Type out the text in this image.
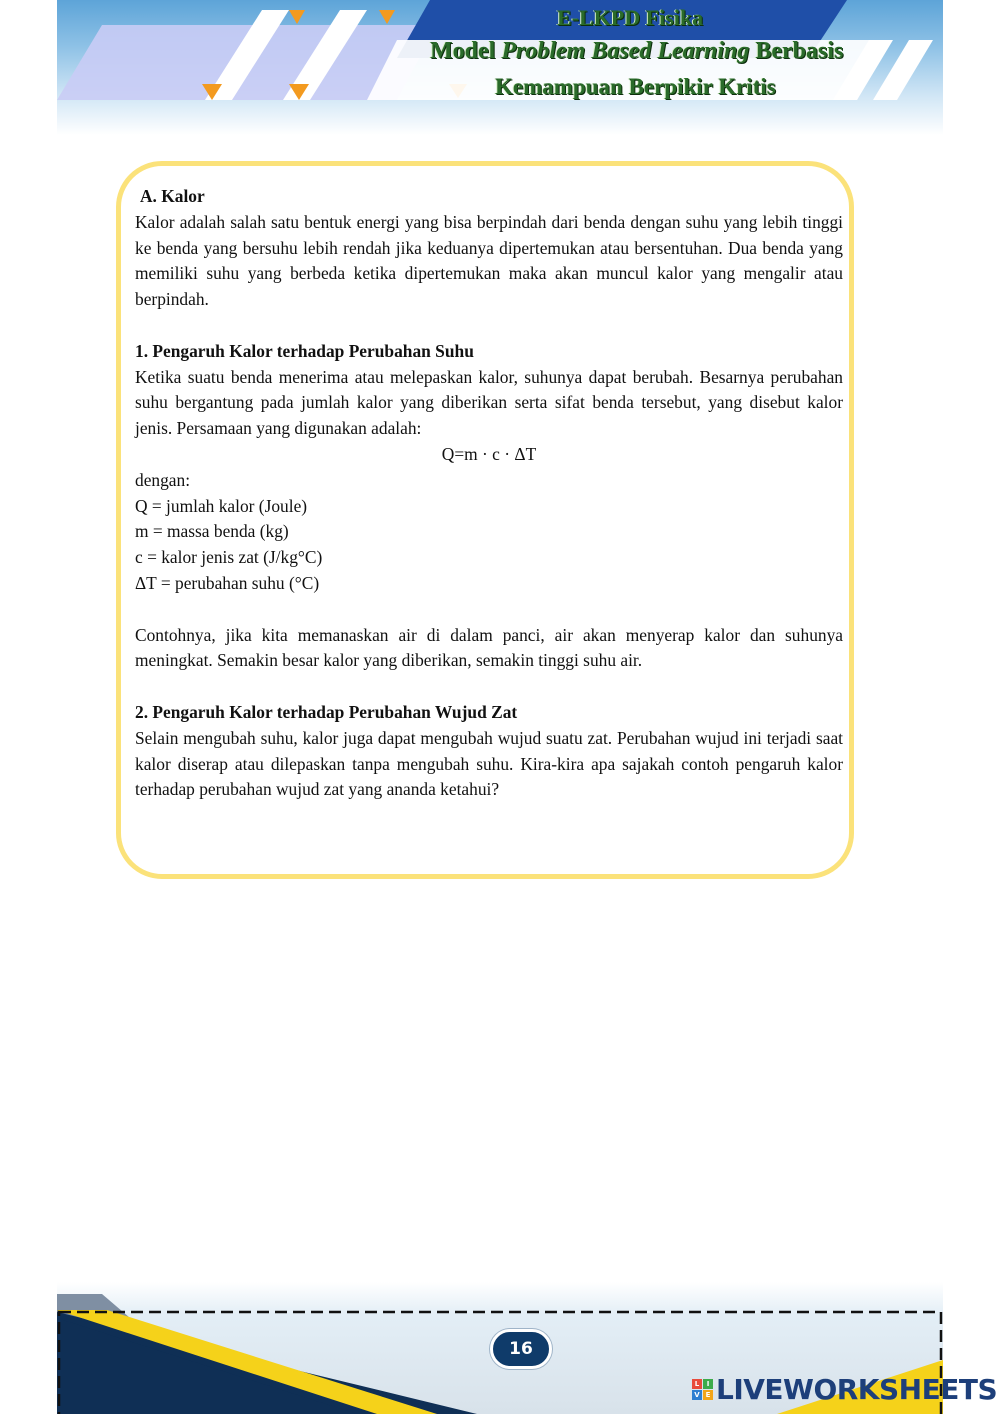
E-LKPD Fisika
Model Problem Based Learning Berbasis
Kemampuan Berpikir Kritis

A. Kalor

Kalor adalah salah satu bentuk energi yang bisa berpindah dari benda dengan suhu yang lebih tinggi ke benda yang bersuhu lebih rendah jika keduanya dipertemukan atau bersentuhan. Dua benda yang memiliki suhu yang berbeda ketika dipertemukan maka akan muncul kalor yang mengalir atau berpindah.

1. Pengaruh Kalor terhadap Perubahan Suhu

Ketika suatu benda menerima atau melepaskan kalor, suhunya dapat berubah. Besarnya perubahan suhu bergantung pada jumlah kalor yang diberikan serta sifat benda tersebut, yang disebut kalor jenis. Persamaan yang digunakan adalah:

Q=m · c · ΔT

dengan:

Q = jumlah kalor (Joule)

m = massa benda (kg)

c = kalor jenis zat (J/kg°C)

ΔT = perubahan suhu (°C)

Contohnya, jika kita memanaskan air di dalam panci, air akan menyerap kalor dan suhunya meningkat. Semakin besar kalor yang diberikan, semakin tinggi suhu air.

2. Pengaruh Kalor terhadap Perubahan Wujud Zat

Selain mengubah suhu, kalor juga dapat mengubah wujud suatu zat. Perubahan wujud ini terjadi saat kalor diserap atau dilepaskan tanpa mengubah suhu. Kira-kira apa sajakah contoh pengaruh kalor terhadap perubahan wujud zat yang ananda ketahui?

16
L	I
V E LIVEWORKSHEETS
